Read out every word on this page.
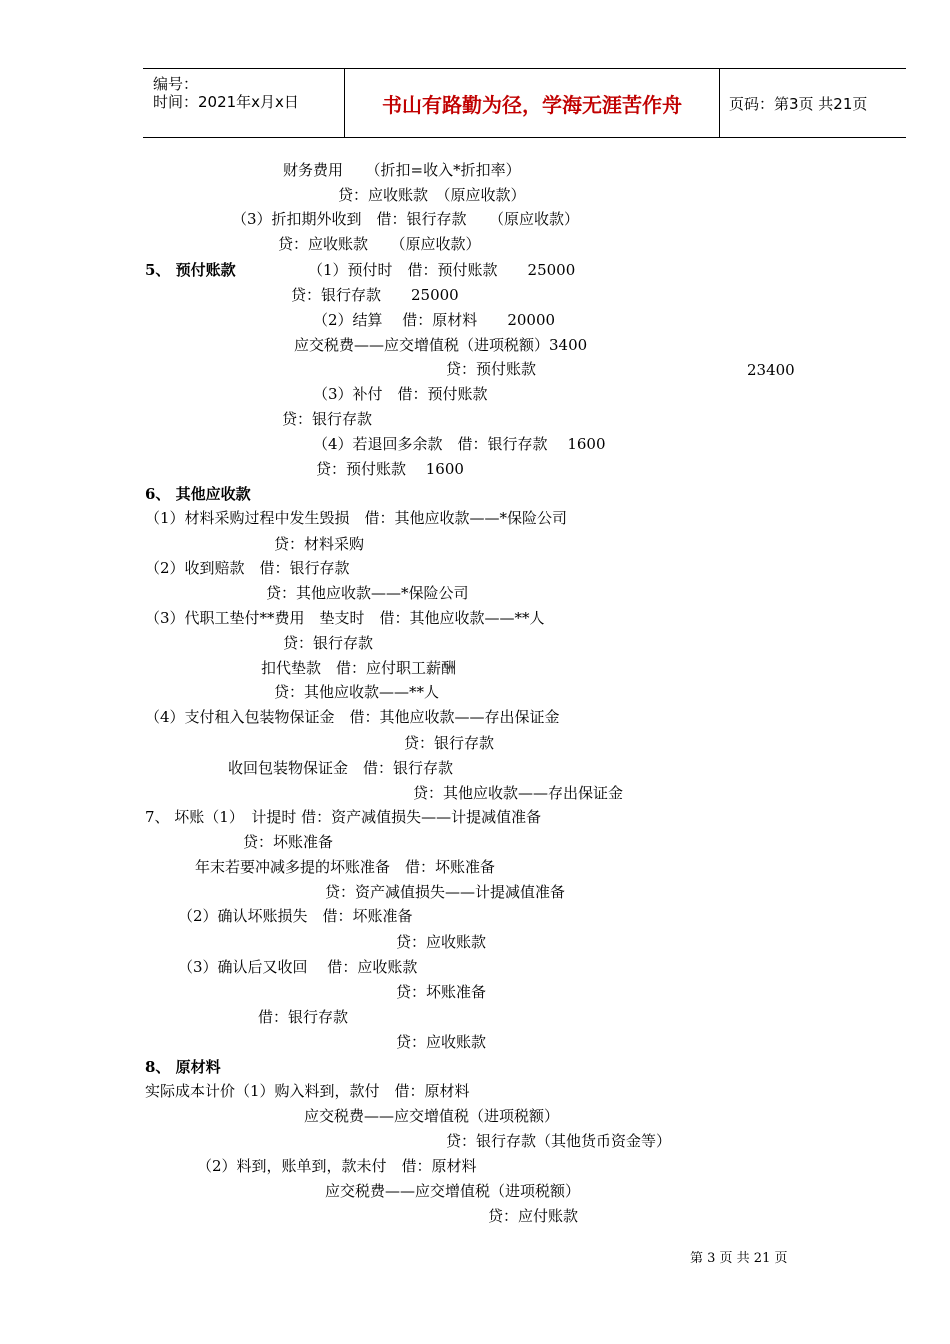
编号：
时间：2021年x月x日	书山有路勤为径，学海无涯苦作舟	页码：第3页 共21页
财务费用　　（折扣=收入*折扣率）
贷：应收账款　（原应收款）
（3）折扣期外收到　借：银行存款　　（原应收款）
贷：应收账款　　（原应收款）
5、 预付账款	（1）预付时　借：预付账款　　25000
贷：银行存款　　25000
（2）结算　 借：原材料　　20000
应交税费——应交增值税（进项税额）3400
贷：预付账款	23400
（3）补付　借：预付账款
贷：银行存款
（4）若退回多余款　借：银行存款　 1600
贷：预付账款　 1600
6、 其他应收款
（1）材料采购过程中发生毁损　借：其他应收款——*保险公司
贷：材料采购
（2）收到赔款　借：银行存款
贷：其他应收款——*保险公司
（3）代职工垫付**费用　垫支时　借：其他应收款——**人
贷：银行存款
扣代垫款　借：应付职工薪酬
贷：其他应收款——**人
（4）支付租入包装物保证金　借：其他应收款——存出保证金
贷：银行存款
收回包装物保证金　借：银行存款
贷：其他应收款——存出保证金
7、 坏账（1）　计提时 借：资产减值损失——计提减值准备
贷：坏账准备
年末若要冲减多提的坏账准备　借：坏账准备
贷：资产减值损失——计提减值准备
（2）确认坏账损失　借：坏账准备
贷：应收账款
（3）确认后又收回　 借：应收账款
贷：坏账准备
借：银行存款
贷：应收账款
8、 原材料
实际成本计价（1）购入料到，款付　借：原材料
应交税费——应交增值税（进项税额）
贷：银行存款（其他货币资金等）
（2）料到，账单到，款未付　借：原材料
应交税费——应交增值税（进项税额）
贷：应付账款
第 3 页 共 21 页
